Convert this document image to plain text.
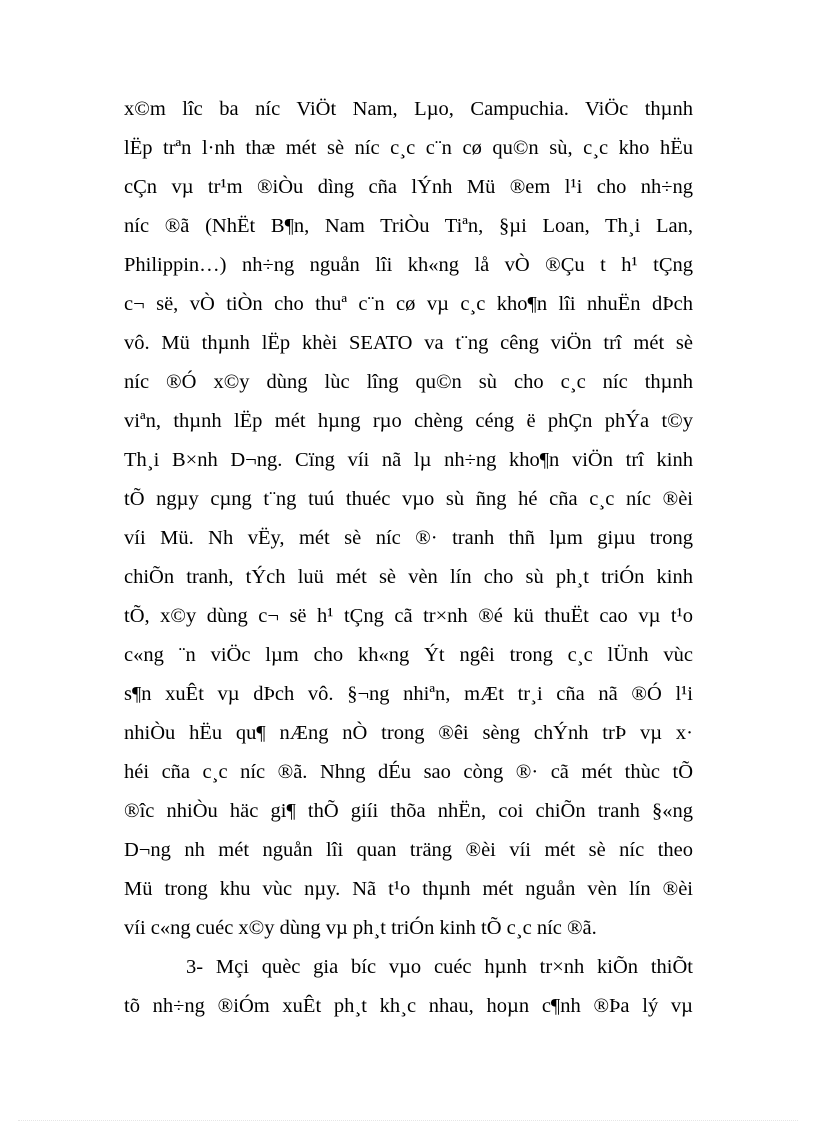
x©m lîc ba níc ViÖt Nam, Lµo, Campuchia. ViÖc thµnh
lËp trªn l·nh thæ mét sè níc c¸c c¨n cø qu©n sù, c¸c kho hËu
cÇn vµ tr¹m ®iÒu dìng cña lÝnh Mü ®em l¹i cho nh÷ng
níc ®ã (NhËt B¶n, Nam TriÒu Tiªn, §µi Loan, Th¸i Lan,
Philippin…) nh÷ng nguån lîi kh«ng lå vÒ ®Çu t h¹ tÇng
c¬ së, vÒ tiÒn cho thuª c¨n cø vµ c¸c kho¶n lîi nhuËn dÞch
vô. Mü thµnh lËp khèi SEATO va t¨ng cêng viÖn trî mét sè
níc ®Ó x©y dùng lùc lîng qu©n sù cho c¸c níc thµnh
viªn, thµnh lËp mét hµng rµo chèng céng ë phÇn phÝa t©y
Th¸i B×nh D¬ng. Cïng víi nã lµ nh÷ng kho¶n viÖn trî kinh
tÕ ngµy cµng t¨ng tuú thuéc vµo sù ñng hé cña c¸c níc ®èi
víi Mü. Nh vËy, mét sè níc ®· tranh thñ lµm giµu trong
chiÕn tranh, tÝch luü mét sè vèn lín cho sù ph¸t triÓn kinh
tÕ, x©y dùng c¬ së h¹ tÇng cã tr×nh ®é kü thuËt cao vµ t¹o
c«ng ¨n viÖc lµm cho kh«ng Ýt ngêi trong c¸c lÜnh vùc
s¶n xuÊt vµ dÞch vô. §¬ng nhiªn, mÆt tr¸i cña nã ®Ó l¹i
nhiÒu hËu qu¶ nÆng nÒ trong ®êi sèng chÝnh trÞ vµ x·
héi cña c¸c níc ®ã. Nhng dÉu sao còng ®· cã mét thùc tÕ
®îc nhiÒu häc gi¶ thÕ giíi thõa nhËn, coi chiÕn tranh §«ng
D¬ng nh mét nguån lîi quan träng ®èi víi mét sè níc theo
Mü trong khu vùc nµy. Nã t¹o thµnh mét nguån vèn lín ®èi
víi c«ng cuéc x©y dùng vµ ph¸t triÓn kinh tÕ c¸c níc ®ã.
3- Mçi quèc gia bíc vµo cuéc hµnh tr×nh kiÕn thiÕt
tõ nh÷ng ®iÓm xuÊt ph¸t kh¸c nhau, hoµn c¶nh ®Þa lý vµ
